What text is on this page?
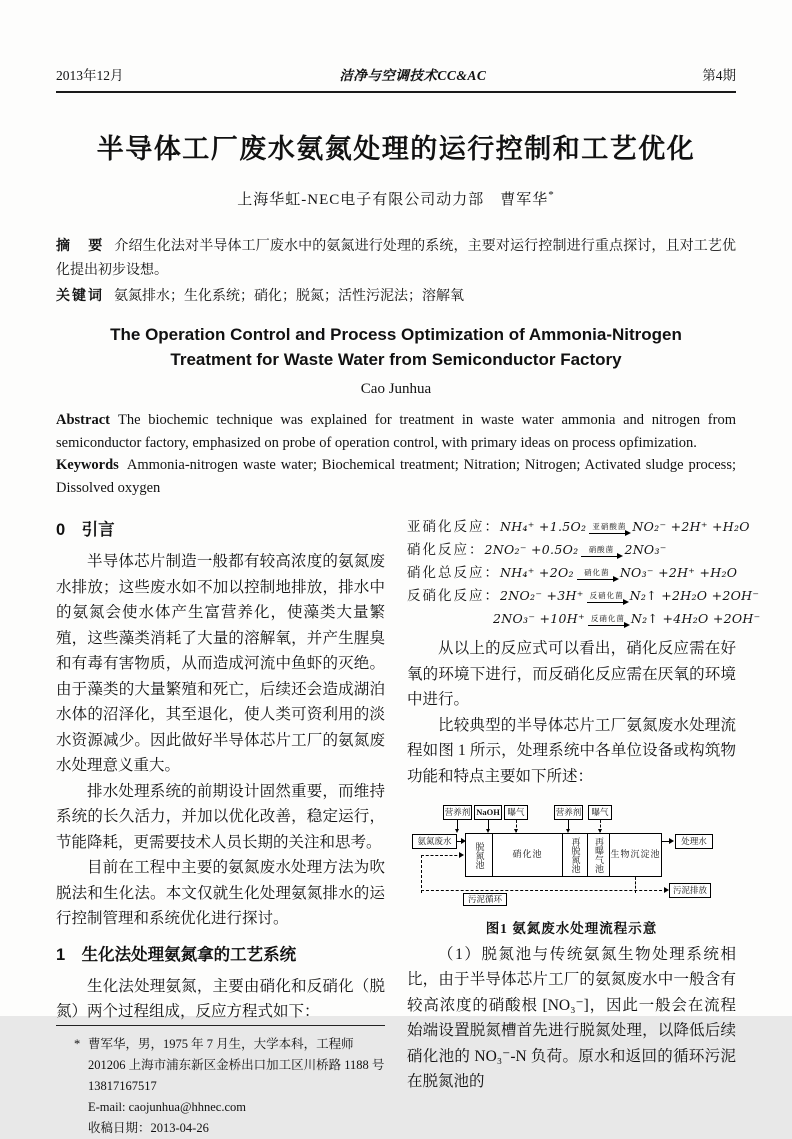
2013年12月	洁净与空调技术CC&AC	第4期
半导体工厂废水氨氮处理的运行控制和工艺优化
上海华虹-NEC电子有限公司动力部　曹军华*
摘　要 介绍生化法对半导体工厂废水中的氨氮进行处理的系统，主要对运行控制进行重点探讨，且对工艺优化提出初步设想。
关键词 氨氮排水；生化系统；硝化；脱氮；活性污泥法；溶解氧
The Operation Control and Process Optimization of Ammonia-Nitrogen
Treatment for Waste Water from Semiconductor Factory
Cao Junhua
Abstract The biochemic technique was explained for treatment in waste water ammonia and nitrogen from semiconductor factory, emphasized on probe of operation control, with primary ideas on process opfimization.
Keywords Ammonia-nitrogen waste water; Biochemical treatment; Nitration; Nitrogen; Activated sludge process; Dissolved oxygen
0　引言

半导体芯片制造一般都有较高浓度的氨氮废水排放；这些废水如不加以控制地排放，排水中的氨氮会使水体产生富营养化，使藻类大量繁殖，这些藻类消耗了大量的溶解氧，并产生腥臭和有毒有害物质，从而造成河流中鱼虾的灭绝。由于藻类的大量繁殖和死亡，后续还会造成湖泊水体的沼泽化，其至退化，使人类可资利用的淡水资源减少。因此做好半导体芯片工厂的氨氮废水处理意义重大。

排水处理系统的前期设计固然重要，而维持系统的长久活力，并加以优化改善，稳定运行，节能降耗，更需要技术人员长期的关注和思考。

目前在工程中主要的氨氮废水处理方法为吹脱法和生化法。本文仅就生化处理氨氮排水的运行控制管理和系统优化进行探讨。

1　生化法处理氨氮拿的工艺系统

生化法处理氨氮，主要由硝化和反硝化（脱氮）两个过程组成，反应方程式如下：

* 曹军华，男，1975 年 7 月生，大学本科，工程师
201206 上海市浦东新区金桥出口加工区川桥路 1188 号
13817167517
E-mail: caojunhua@hhnec.com
收稿日期：2013-04-26
亚硝化反应： NH₄⁺ +1.5O₂ 亚硝酸菌 NO₂⁻ +2H⁺ +H₂O
硝化反应： 2NO₂⁻ +0.5O₂ 硝酸菌 2NO₃⁻
硝化总反应： NH₄⁺ +2O₂ 硝化菌 NO₃⁻ +2H⁺ +H₂O
反硝化反应： 2NO₂⁻ +3H⁺ 反硝化菌 N₂↑ +2H₂O +2OH⁻
2NO₃⁻ +10H⁺ 反硝化菌 N₂↑ +4H₂O +2OH⁻

从以上的反应式可以看出，硝化反应需在好氧的环境下进行，而反硝化反应需在厌氧的环境中进行。

比较典型的半导体芯片工厂氨氮废水处理流程如图 1 所示，处理系统中各单位设备或构筑物功能和特点主要如下所述：

营养剂 NaOH 曝气	营养剂	曝气
氨氮废水
脱氮池	硝化池	再脱氮池	再曝气池 生物沉淀池
处理水
污泥排放
污泥循环
图1 氨氮废水处理流程示意

（1）脱氮池与传统氨氮生物处理系统相比，由于半导体芯片工厂的氨氮废水中一般含有较高浓度的硝酸根 [NO₃⁻]，因此一般会在流程始端设置脱氮槽首先进行脱氮处理，以降低后续硝化池的 NO₃⁻-N 负荷。原水和返回的循环污泥在脱氮池的
